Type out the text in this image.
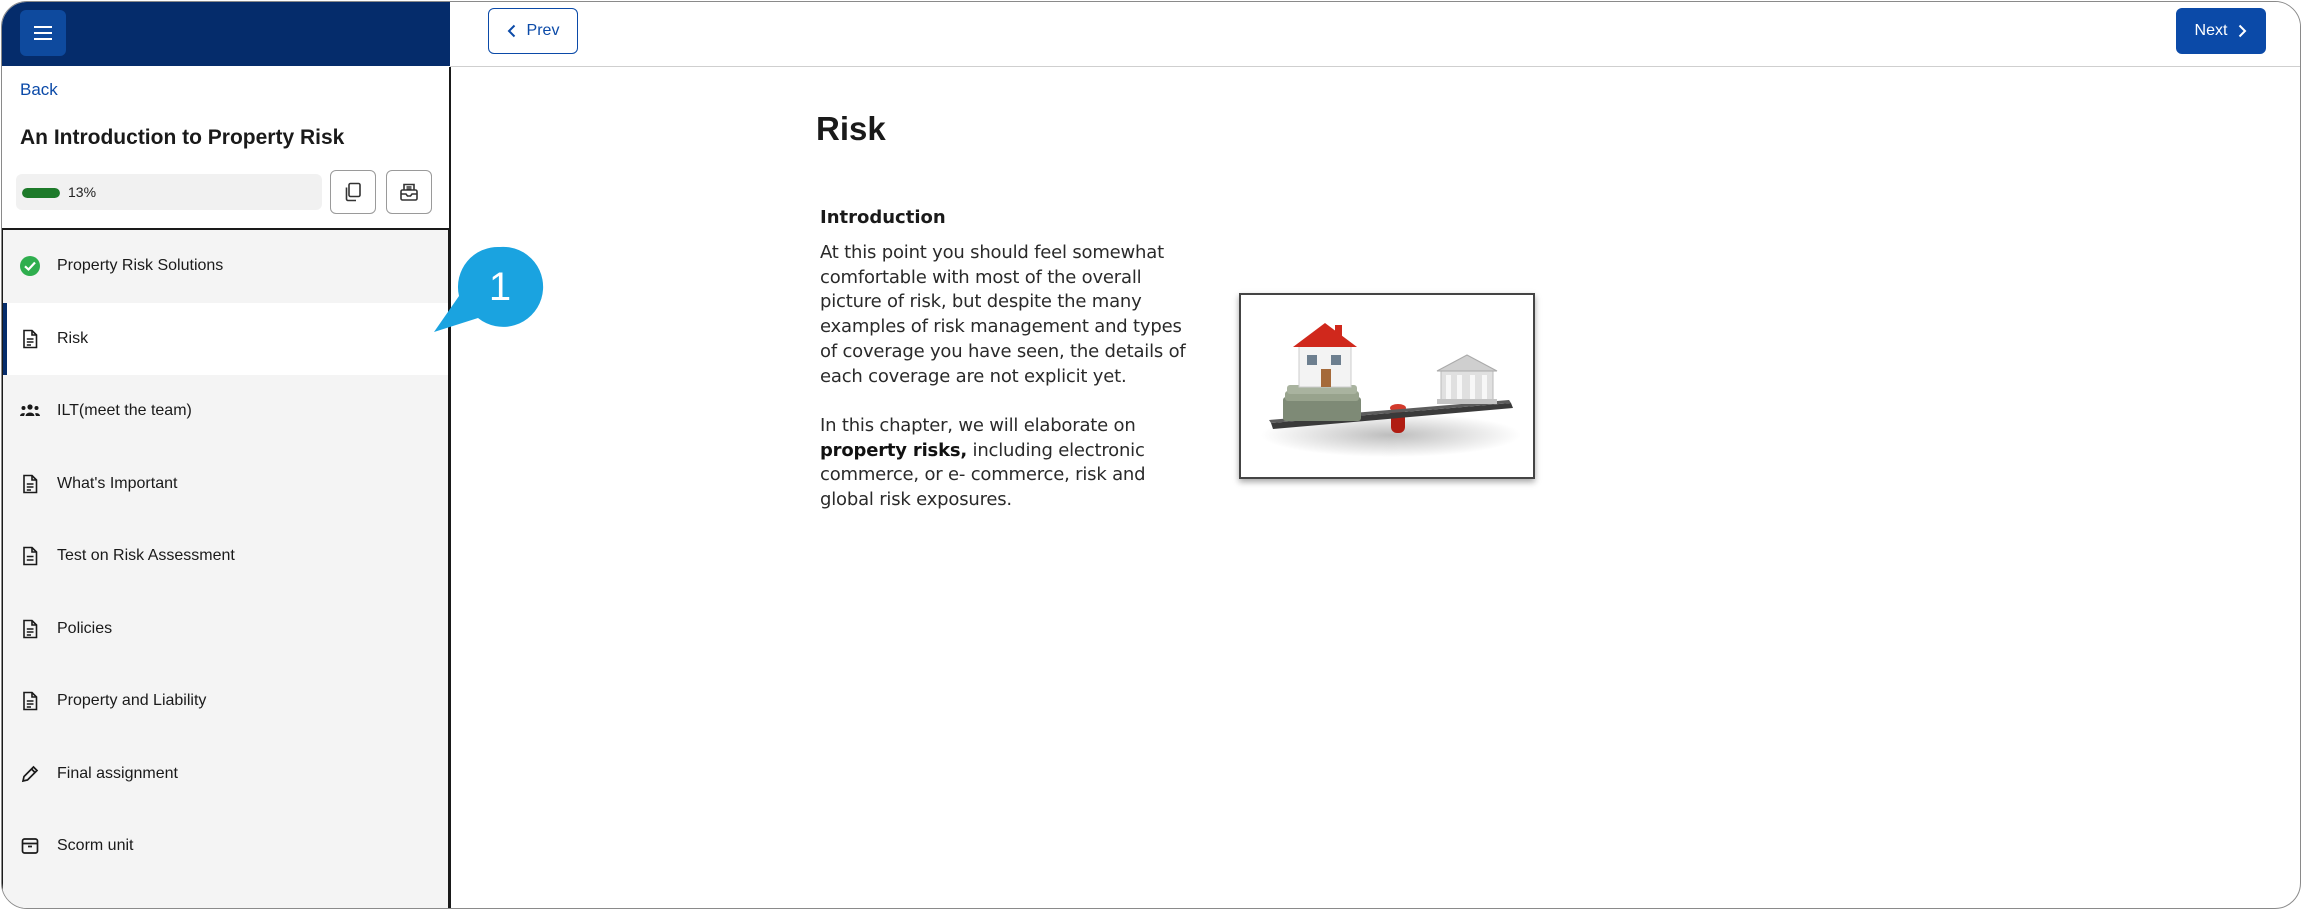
Back
An Introduction to Property Risk
13%
Property Risk Solutions
Risk
ILT(meet the team)
What's Important
Test on Risk Assessment
Policies
Property and Liability
Final assignment
Scorm unit
Prev	Next
Risk
Introduction

At this point you should feel somewhat comfortable with most of the overall picture of risk, but despite the many examples of risk management and types of coverage you have seen, the details of each coverage are not explicit yet.

In this chapter, we will elaborate on property risks, including electronic commerce, or e- commerce, risk and global risk exposures.

1
